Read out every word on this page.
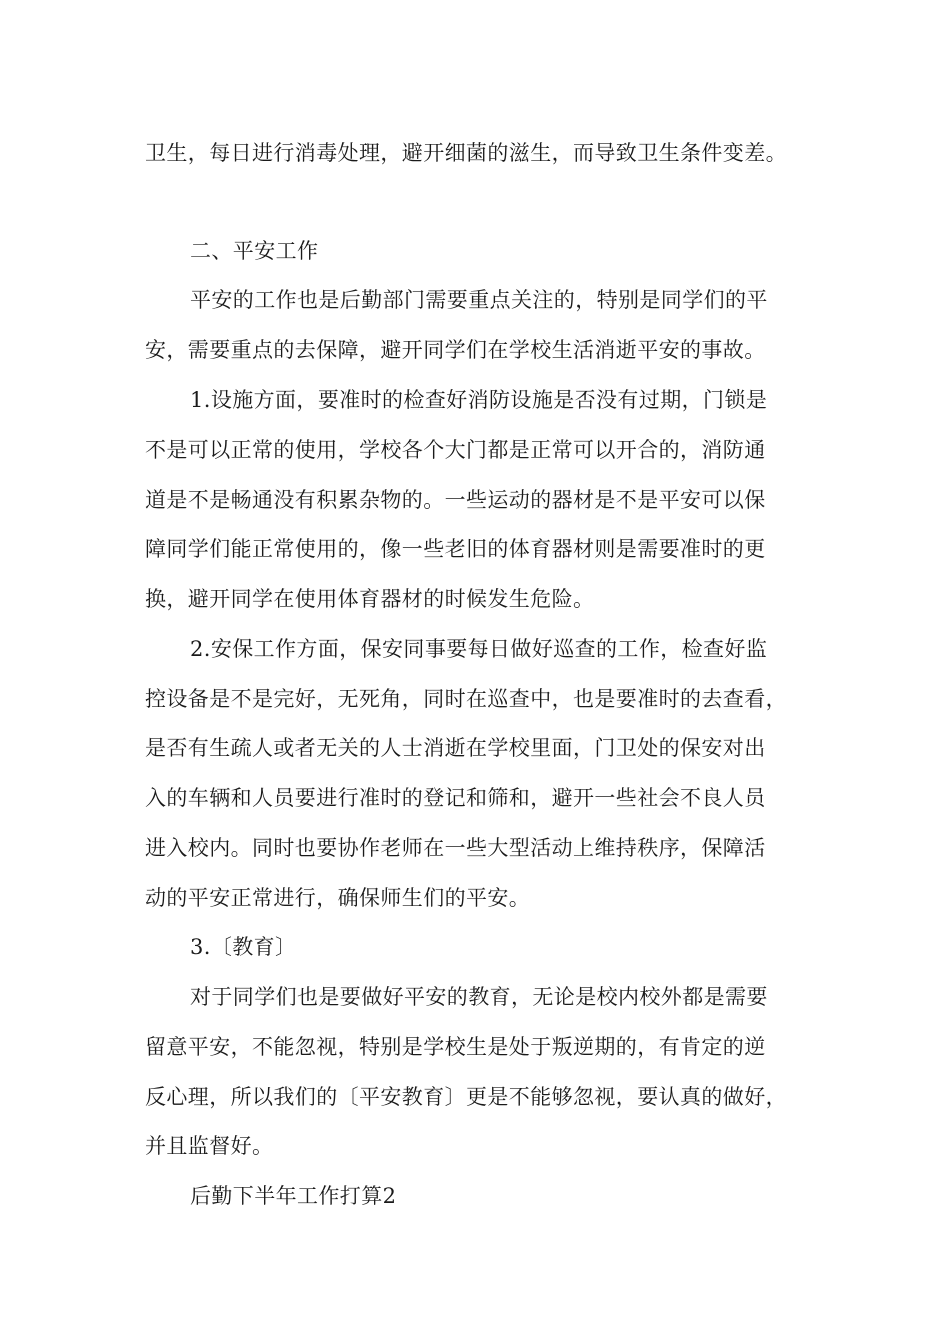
卫生，每日进行消毒处理，避开细菌的滋生，而导致卫生条件变差。
二、平安工作
平安的工作也是后勤部门需要重点关注的，特别是同学们的平
安，需要重点的去保障，避开同学们在学校生活消逝平安的事故。
1.设施方面，要准时的检查好消防设施是否没有过期，门锁是
不是可以正常的使用，学校各个大门都是正常可以开合的，消防通
道是不是畅通没有积累杂物的。一些运动的器材是不是平安可以保
障同学们能正常使用的，像一些老旧的体育器材则是需要准时的更
换，避开同学在使用体育器材的时候发生危险。
2.安保工作方面，保安同事要每日做好巡查的工作，检查好监
控设备是不是完好，无死角，同时在巡查中，也是要准时的去查看，
是否有生疏人或者无关的人士消逝在学校里面，门卫处的保安对出
入的车辆和人员要进行准时的登记和筛和，避开一些社会不良人员
进入校内。同时也要协作老师在一些大型活动上维持秩序，保障活
动的平安正常进行，确保师生们的平安。
3.〔教育〕
对于同学们也是要做好平安的教育，无论是校内校外都是需要
留意平安，不能忽视，特别是学校生是处于叛逆期的，有肯定的逆
反心理，所以我们的〔平安教育〕更是不能够忽视，要认真的做好，
并且监督好。
后勤下半年工作打算2
